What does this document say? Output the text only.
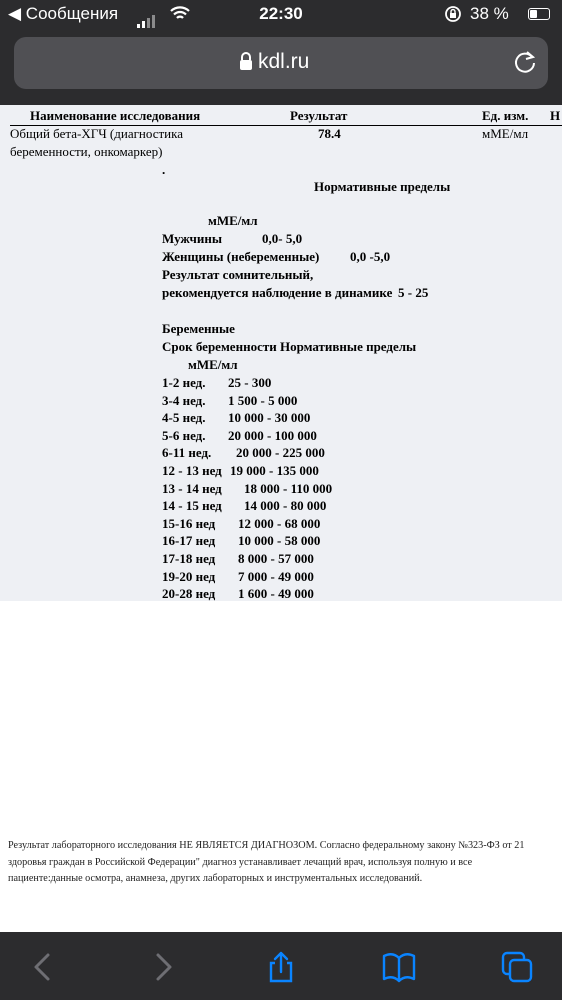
◀ Сообщения	22:30	38 %
kdl.ru
Наименование исследования	Результат	Ед. изм. Н
Общий бета-ХГЧ (диагностика
беременности, онкомаркер)
78.4	мМЕ/мл
.
Нормативные пределы
мМЕ/мл
Мужчины	0,0- 5,0
Женщины (небеременные) 0,0 -5,0
Результат сомнительный,
рекомендуется наблюдение в динамике 5 - 25
Беременные
Срок беременности Нормативные пределы
мМЕ/мл
1-2 нед. 25 - 300
3-4 нед. 1 500 - 5 000
4-5 нед. 10 000 - 30 000
5-6 нед. 20 000 - 100 000
6-11 нед. 20 000 - 225 000
12 - 13 нед 19 000 - 135 000
13 - 14 нед 18 000 - 110 000
14 - 15 нед 14 000 - 80 000
15-16 нед 12 000 - 68 000
16-17 нед 10 000 - 58 000
17-18 нед 8 000 - 57 000
19-20 нед 7 000 - 49 000
20-28 нед 1 600 - 49 000
Результат лабораторного исследования НЕ ЯВЛЯЕТСЯ ДИАГНОЗОМ. Согласно федеральному закону №323-ФЗ от 21
здоровья граждан в Российской Федерации" диагноз устанавливает лечащий врач, используя полную и все
пациенте:данные осмотра, анамнеза, других лабораторных и инструментальных исследований.
